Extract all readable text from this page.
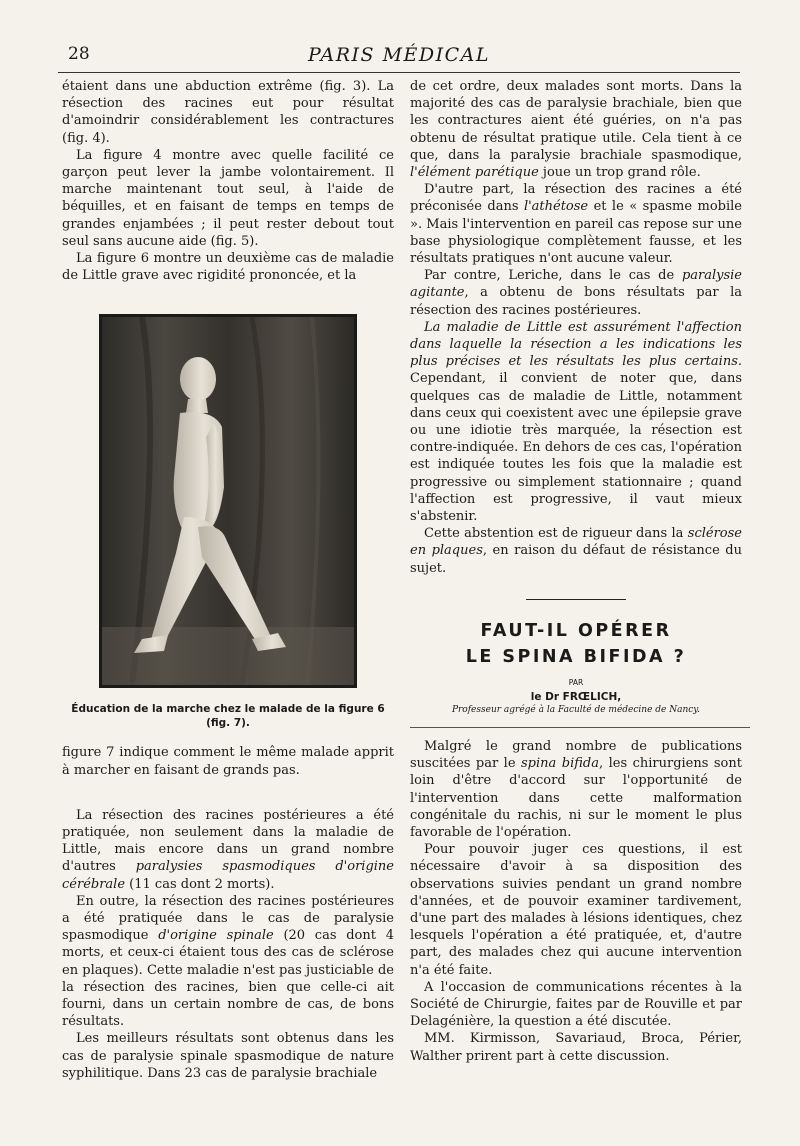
28	PARIS MÉDICAL

étaient dans une abduction extrême (fig. 3). La résection des racines eut pour résultat d'amoindrir considérablement les contractures (fig. 4).

La figure 4 montre avec quelle facilité ce garçon peut lever la jambe volontairement. Il marche maintenant tout seul, à l'aide de béquilles, et en faisant de temps en temps de grandes enjambées ; il peut rester debout tout seul sans aucune aide (fig. 5).

La figure 6 montre un deuxième cas de maladie de Little grave avec rigidité prononcée, et la

Éducation de la marche chez le malade de la figure 6 (fig. 7).

figure 7 indique comment le même malade apprit à marcher en faisant de grands pas.

La résection des racines postérieures a été pratiquée, non seulement dans la maladie de Little, mais encore dans un grand nombre d'autres paralysies spasmodiques d'origine cérébrale (11 cas dont 2 morts).

En outre, la résection des racines postérieures a été pratiquée dans le cas de paralysie spasmodique d'origine spinale (20 cas dont 4 morts, et ceux-ci étaient tous des cas de sclérose en plaques). Cette maladie n'est pas justiciable de la résection des racines, bien que celle-ci ait fourni, dans un certain nombre de cas, de bons résultats.

Les meilleurs résultats sont obtenus dans les cas de paralysie spinale spasmodique de nature syphilitique. Dans 23 cas de paralysie brachiale

de cet ordre, deux malades sont morts. Dans la majorité des cas de paralysie brachiale, bien que les contractures aient été guéries, on n'a pas obtenu de résultat pratique utile. Cela tient à ce que, dans la paralysie brachiale spasmodique, l'élément parétique joue un trop grand rôle.

D'autre part, la résection des racines a été préconisée dans l'athétose et le « spasme mobile ». Mais l'intervention en pareil cas repose sur une base physiologique complètement fausse, et les résultats pratiques n'ont aucune valeur.

Par contre, Leriche, dans le cas de paralysie agitante, a obtenu de bons résultats par la résection des racines postérieures.

La maladie de Little est assurément l'affection dans laquelle la résection a les indications les plus précises et les résultats les plus certains. Cependant, il convient de noter que, dans quelques cas de maladie de Little, notamment dans ceux qui coexistent avec une épilepsie grave ou une idiotie très marquée, la résection est contre-indiquée. En dehors de ces cas, l'opération est indiquée toutes les fois que la maladie est progressive ou simplement stationnaire ; quand l'affection est progressive, il vaut mieux s'abstenir.

Cette abstention est de rigueur dans la sclérose en plaques, en raison du défaut de résistance du sujet.

FAUT-IL OPÉRER
LE SPINA BIFIDA ?
PAR
le Dr FRŒLICH,
Professeur agrégé à la Faculté de médecine de Nancy.

Malgré le grand nombre de publications suscitées par le spina bifida, les chirurgiens sont loin d'être d'accord sur l'opportunité de l'intervention dans cette malformation congénitale du rachis, ni sur le moment le plus favorable de l'opération.

Pour pouvoir juger ces questions, il est nécessaire d'avoir à sa disposition des observations suivies pendant un grand nombre d'années, et de pouvoir examiner tardivement, d'une part des malades à lésions identiques, chez lesquels l'opération a été pratiquée, et, d'autre part, des malades chez qui aucune intervention n'a été faite.

A l'occasion de communications récentes à la Société de Chirurgie, faites par de Rouville et par Delagénière, la question a été discutée.

MM. Kirmisson, Savariaud, Broca, Périer, Walther prirent part à cette discussion.
